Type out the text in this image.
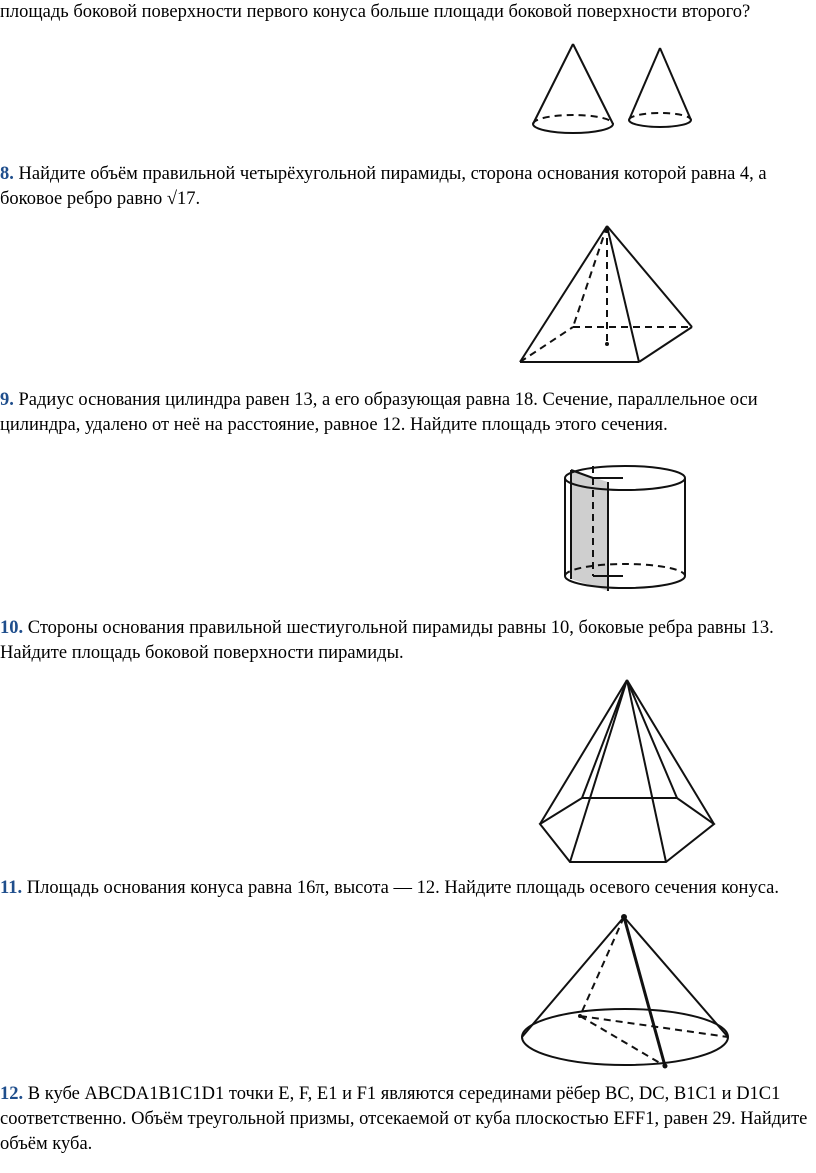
площадь боковой поверхности первого конуса больше площади боковой поверхности второго?

8. Найдите объём правильной четырёхугольной пирамиды, сторона основания которой равна 4, а боковое ребро равно √17.

9. Радиус основания цилиндра равен 13, а его образующая равна 18. Сечение, параллельное оси цилиндра, удалено от неё на расстояние, равное 12. Найдите площадь этого сечения.

10. Стороны основания правильной шестиугольной пирамиды равны 10, боковые ребра равны 13. Найдите площадь боковой поверхности пирамиды.

11. Площадь основания конуса равна 16π, высота — 12. Найдите площадь осевого сечения конуса.

12. В кубе ABCDA1B1C1D1 точки E, F, E1 и F1 являются серединами рёбер BC, DC, B1C1 и D1C1 соответственно. Объём треугольной призмы, отсекаемой от куба плоскостью EFF1, равен 29. Найдите объём куба.
